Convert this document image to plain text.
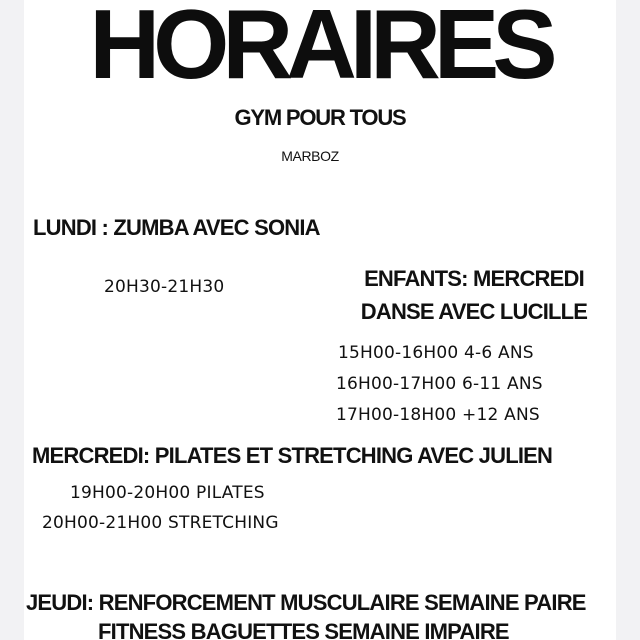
HORAIRES
GYM POUR TOUS
MARBOZ
LUNDI : ZUMBA AVEC SONIA
20H30-21H30	ENFANTS: MERCREDI
DANSE AVEC LUCILLE
15H00-16H00 4-6 ANS
16H00-17H00 6-11 ANS
17H00-18H00 +12 ANS
MERCREDI: PILATES ET STRETCHING AVEC JULIEN
19H00-20H00 PILATES
20H00-21H00 STRETCHING
JEUDI: RENFORCEMENT MUSCULAIRE SEMAINE PAIRE
FITNESS BAGUETTES SEMAINE IMPAIRE
